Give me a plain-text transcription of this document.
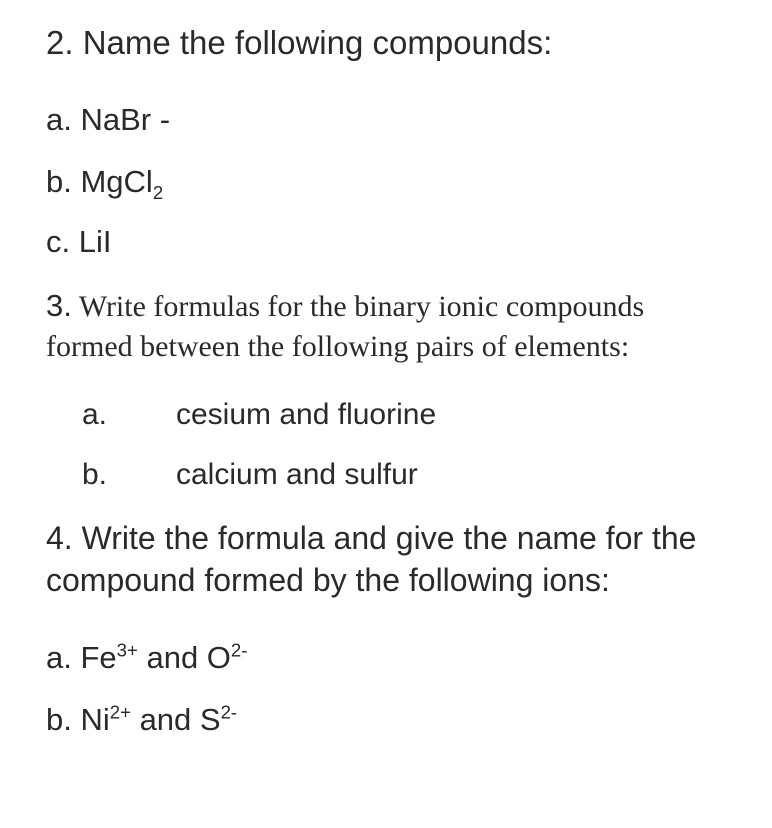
2. Name the following compounds:
a. NaBr -
b. MgCl$_2$
c. LiI
3. Write formulas for the binary ionic compounds formed between the following pairs of elements:
a. cesium and fluorine
b. calcium and sulfur
4. Write the formula and give the name for the compound formed by the following ions:
a. $Fe^{3+}$ and $O^{2-}$
b. $Ni^{2+}$ and $S^{2-}$
